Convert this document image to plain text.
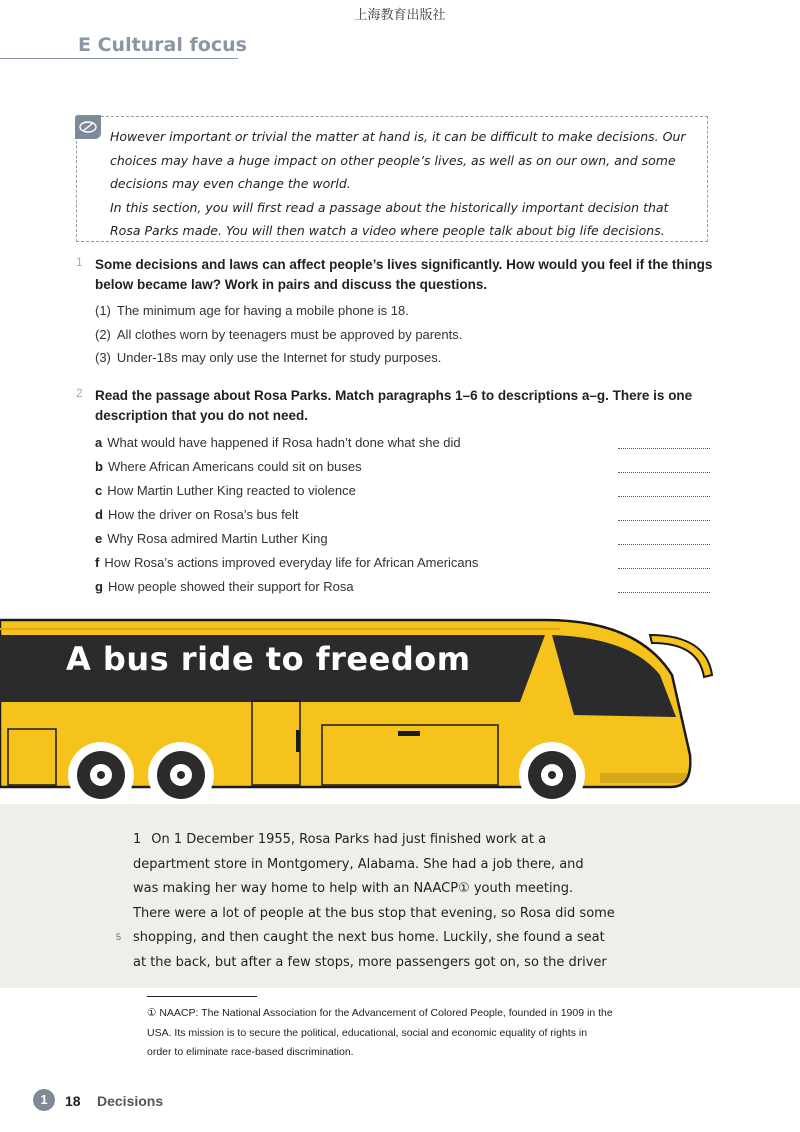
上海教育出版社
E Cultural focus

However important or trivial the matter at hand is, it can be difficult to make decisions. Our choices may have a huge impact on other people’s lives, as well as on our own, and some decisions may even change the world.

In this section, you will first read a passage about the historically important decision that Rosa Parks made. You will then watch a video where people talk about big life decisions.

1 Some decisions and laws can affect people’s lives significantly. How would you feel if the things below became law? Work in pairs and discuss the questions.
(1) The minimum age for having a mobile phone is 18.
(2) All clothes worn by teenagers must be approved by parents.
(3) Under-18s may only use the Internet for study purposes.
2 Read the passage about Rosa Parks. Match paragraphs 1–6 to descriptions a–g. There is one description that you do not need.
a What would have happened if Rosa hadn’t done what she did
b Where African Americans could sit on buses
c How Martin Luther King reacted to violence
d How the driver on Rosa’s bus felt
e Why Rosa admired Martin Luther King
f How Rosa’s actions improved everyday life for African Americans
g How people showed their support for Rosa
A bus ride to freedom
1 On 1 December 1955, Rosa Parks had just finished work at a
department store in Montgomery, Alabama. She had a job there, and
was making her way home to help with an NAACP① youth meeting.
There were a lot of people at the bus stop that evening, so Rosa did some
shopping, and then caught the next bus home. Luckily, she found a seat
at the back, but after a few stops, more passengers got on, so the driver
5
① NAACP: The National Association for the Advancement of Colored People, founded in 1909 in the
USA. Its mission is to secure the political, educational, social and economic equality of rights in
order to eliminate race-based discrimination.
1	18 Decisions
